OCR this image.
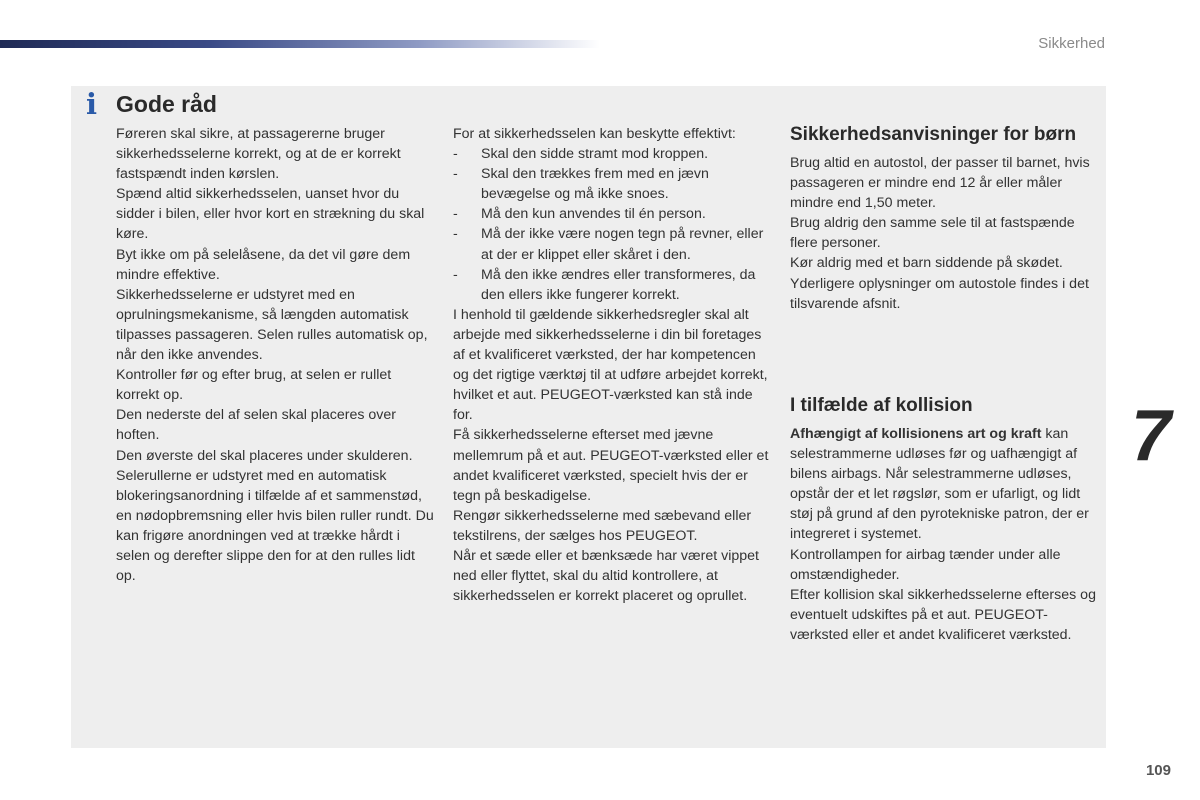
Sikkerhed
i Gode råd

Føreren skal sikre, at passagererne bruger sikkerhedsselerne korrekt, og at de er korrekt fastspændt inden kørslen.

Spænd altid sikkerhedsselen, uanset hvor du sidder i bilen, eller hvor kort en strækning du skal køre.

Byt ikke om på selelåsene, da det vil gøre dem mindre effektive.

Sikkerhedsselerne er udstyret med en oprulningsmekanisme, så længden automatisk tilpasses passageren. Selen rulles automatisk op, når den ikke anvendes.

Kontroller før og efter brug, at selen er rullet korrekt op.

Den nederste del af selen skal placeres over hoften.

Den øverste del skal placeres under skulderen.

Selerullerne er udstyret med en automatisk blokeringsanordning i tilfælde af et sammenstød, en nødopbremsning eller hvis bilen ruller rundt. Du kan frigøre anordningen ved at trække hårdt i selen og derefter slippe den for at den rulles lidt op.

For at sikkerhedsselen kan beskytte effektivt:

-	Skal den sidde stramt mod kroppen.
-	Skal den trækkes frem med en jævn bevægelse og må ikke snoes.
-	Må den kun anvendes til én person.
-	Må der ikke være nogen tegn på revner, eller at der er klippet eller skåret i den.
-	Må den ikke ændres eller transformeres, da den ellers ikke fungerer korrekt.

I henhold til gældende sikkerhedsregler skal alt arbejde med sikkerhedsselerne i din bil foretages af et kvalificeret værksted, der har kompetencen og det rigtige værktøj til at udføre arbejdet korrekt, hvilket et aut. PEUGEOT-værksted kan stå inde for.

Få sikkerhedsselerne efterset med jævne mellemrum på et aut. PEUGEOT-værksted eller et andet kvalificeret værksted, specielt hvis der er tegn på beskadigelse.

Rengør sikkerhedsselerne med sæbevand eller tekstilrens, der sælges hos PEUGEOT.

Når et sæde eller et bænksæde har været vippet ned eller flyttet, skal du altid kontrollere, at sikkerhedsselen er korrekt placeret og oprullet.

Sikkerhedsanvisninger for børn

Brug altid en autostol, der passer til barnet, hvis passageren er mindre end 12 år eller måler mindre end 1,50 meter.

Brug aldrig den samme sele til at fastspænde flere personer.

Kør aldrig med et barn siddende på skødet.

Yderligere oplysninger om autostole findes i det tilsvarende afsnit.

I tilfælde af kollision

Afhængigt af kollisionens art og kraft kan selestrammerne udløses før og uafhængigt af bilens airbags. Når selestrammerne udløses, opstår der et let røgslør, som er ufarligt, og lidt støj på grund af den pyrotekniske patron, der er integreret i systemet.

Kontrollampen for airbag tænder under alle omstændigheder.

Efter kollision skal sikkerhedsselerne efterses og eventuelt udskiftes på et aut. PEUGEOT-værksted eller et andet kvalificeret værksted.

7
109
